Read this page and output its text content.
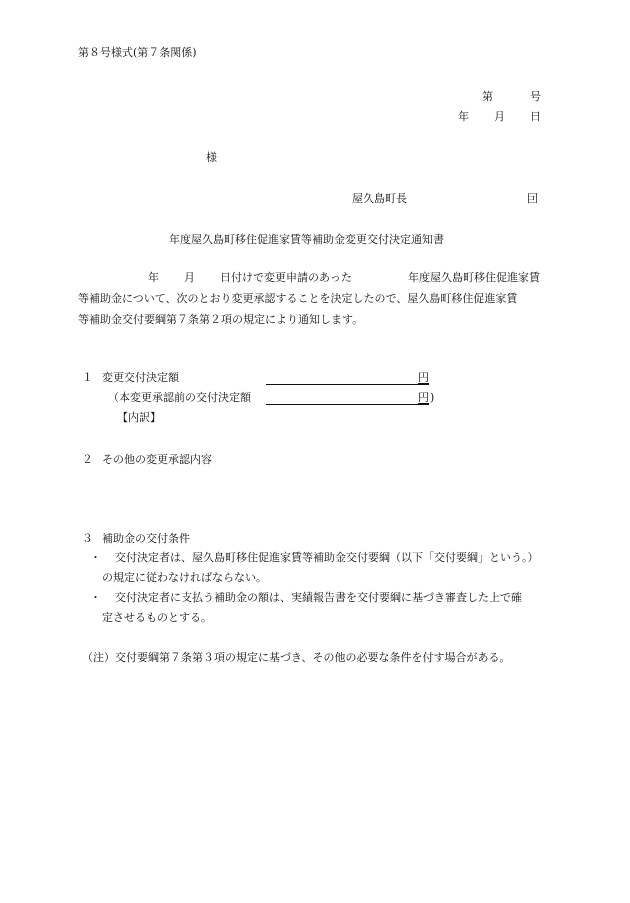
第８号様式(第７条関係)
第	号
年 月 日
様
屋久島町長	囙
年度屋久島町移住促進家賃等補助金変更交付決定通知書
年 月 日付けで変更申請のあった	年度屋久島町移住促進家賃
等補助金について、次のとおり変更承認することを決定したので、屋久島町移住促進家賃
等補助金交付要綱第７条第２項の規定により通知します。
１ 変更交付決定額	円
（本変更承認前の交付決定額	円 )
【内訳】
２ その他の変更承認内容
３ 補助金の交付条件
・ 交付決定者は、屋久島町移住促進家賃等補助金交付要綱（以下「交付要綱」という。）
の規定に従わなければならない。
・ 交付決定者に支払う補助金の額は、実績報告書を交付要綱に基づき審査した上で確
定させるものとする。
（注）交付要綱第７条第３項の規定に基づき、その他の必要な条件を付す場合がある。
